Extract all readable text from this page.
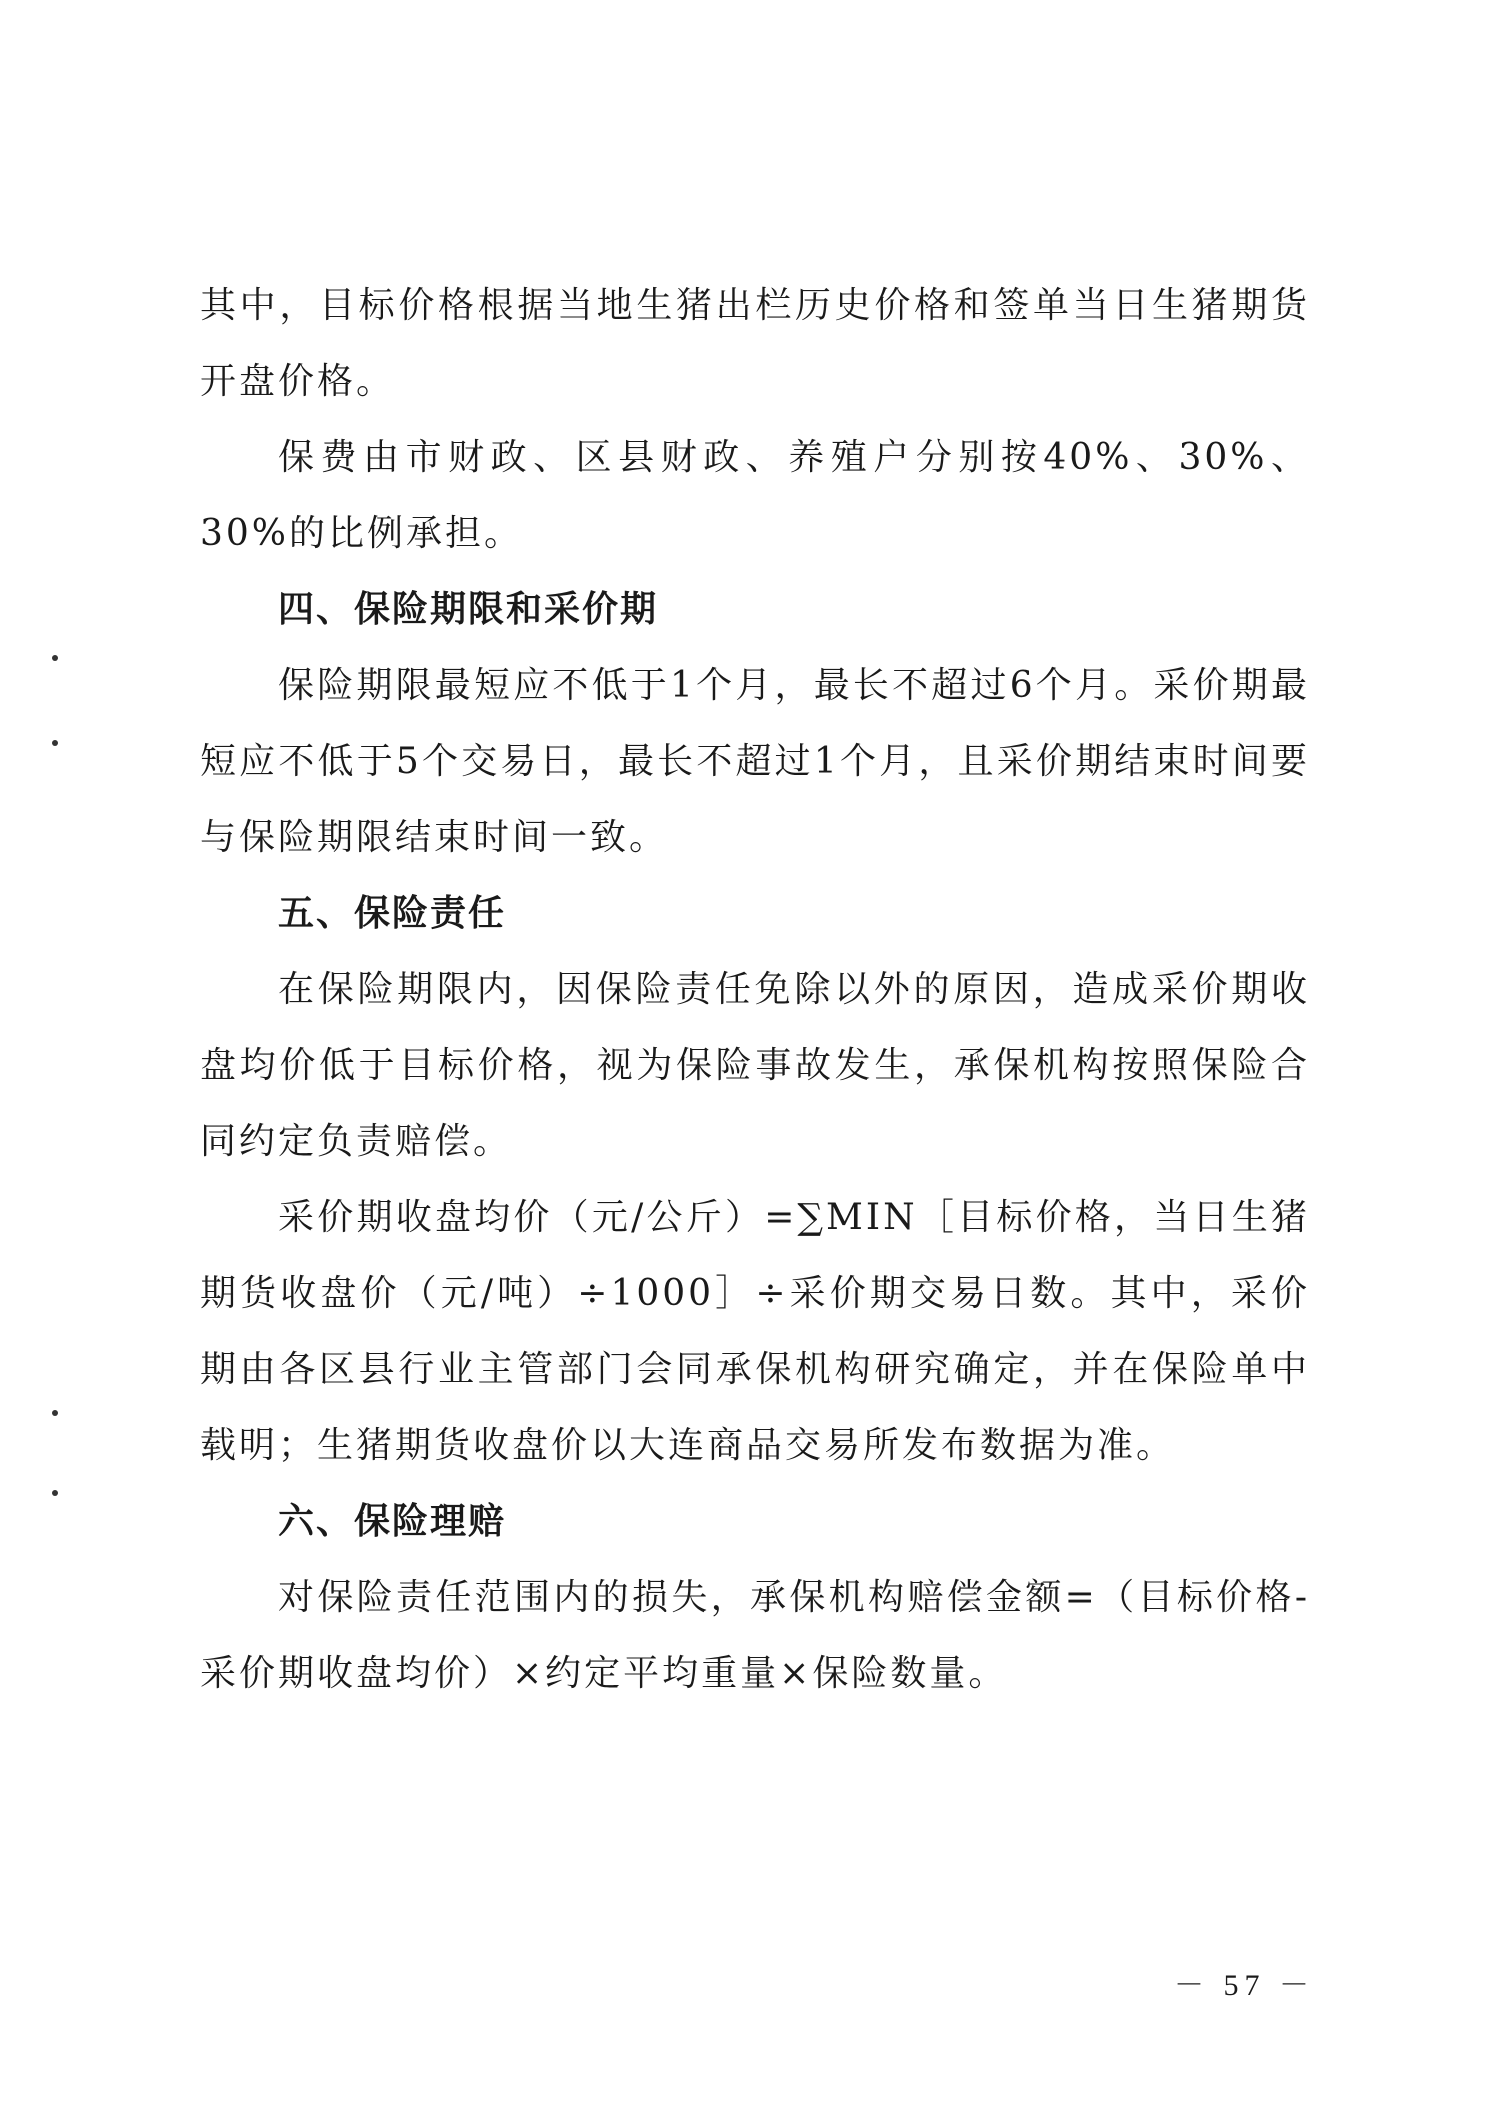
其中，目标价格根据当地生猪出栏历史价格和签单当日生猪期货开盘价格。

保费由市财政、区县财政、养殖户分别按40%、30%、30%的比例承担。

四、保险期限和采价期

保险期限最短应不低于1个月，最长不超过6个月。采价期最短应不低于5个交易日，最长不超过1个月，且采价期结束时间要与保险期限结束时间一致。

五、保险责任

在保险期限内，因保险责任免除以外的原因，造成采价期收盘均价低于目标价格，视为保险事故发生，承保机构按照保险合同约定负责赔偿。

采价期收盘均价（元/公斤）=∑MIN［目标价格，当日生猪期货收盘价（元/吨）÷1000］÷采价期交易日数。其中，采价期由各区县行业主管部门会同承保机构研究确定，并在保险单中载明；生猪期货收盘价以大连商品交易所发布数据为准。

六、保险理赔

对保险责任范围内的损失，承保机构赔偿金额=（目标价格-采价期收盘均价）×约定平均重量×保险数量。

－ 57 －
